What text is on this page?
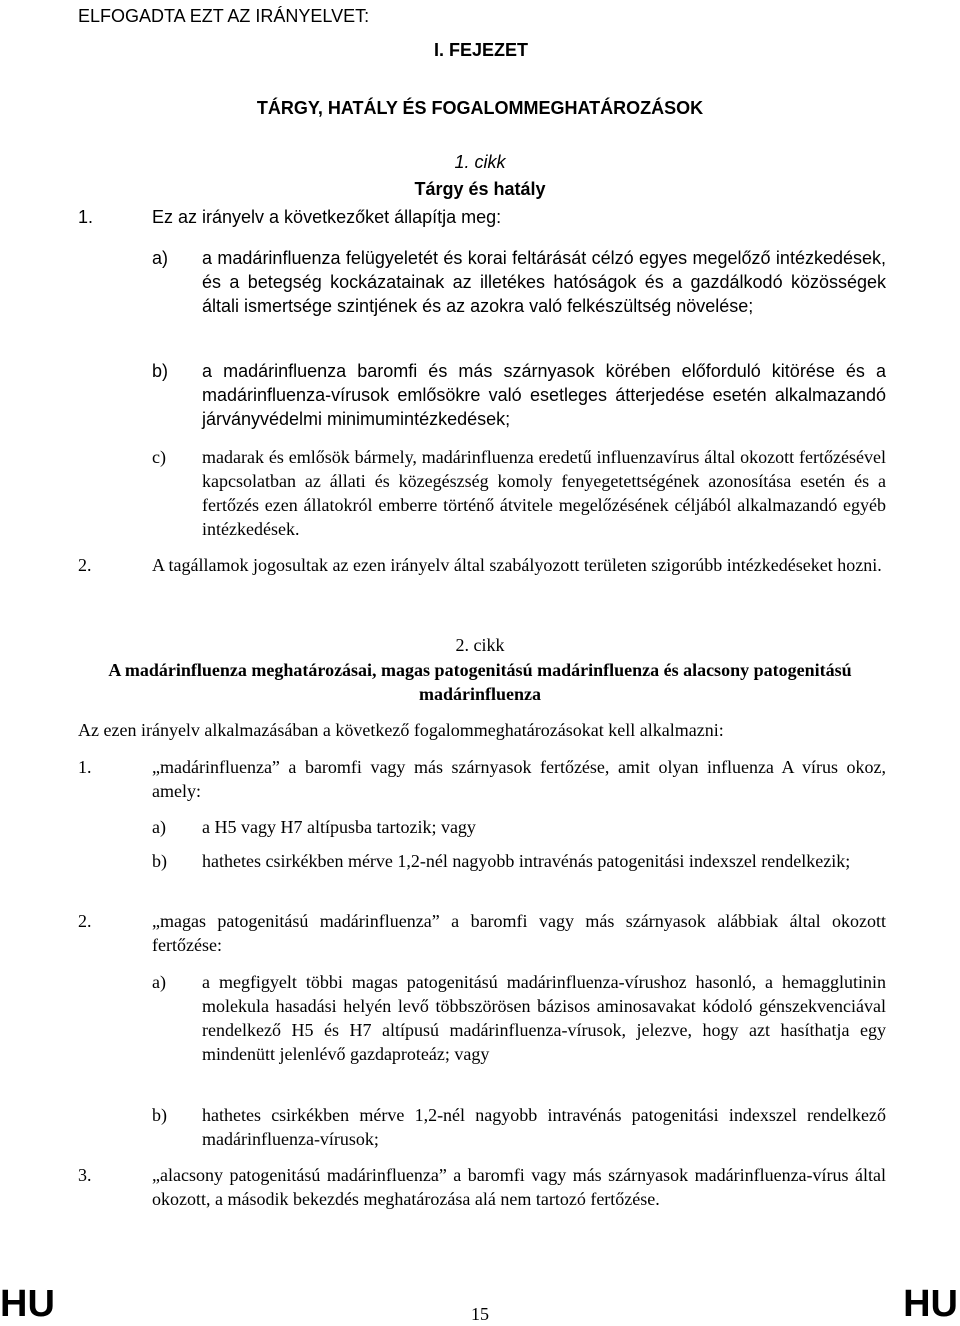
ELFOGADTA EZT AZ IRÁNYELVET:
I. FEJEZET
TÁRGY, HATÁLY ÉS FOGALOMMEGHATÁROZÁSOK
1. cikk
Tárgy és hatály
1.	Ez az irányelv a következőket állapítja meg:
a) a madárinfluenza felügyeletét és korai feltárását célzó egyes megelőző intézkedések, és a betegség kockázatainak az illetékes hatóságok és a gazdálkodó közösségek általi ismertsége szintjének és az azokra való felkészültség növelése;
b) a madárinfluenza baromfi és más szárnyasok körében előforduló kitörése és a madárinfluenza-vírusok emlősökre való esetleges átterjedése esetén alkalmazandó járványvédelmi minimumintézkedések;
c) madarak és emlősök bármely, madárinfluenza eredetű influenzavírus által okozott fertőzésével kapcsolatban az állati és közegészség komoly fenyegetettségének azonosítása esetén és a fertőzés ezen állatokról emberre történő átvitele megelőzésének céljából alkalmazandó egyéb intézkedések.
2.	A tagállamok jogosultak az ezen irányelv által szabályozott területen szigorúbb intézkedéseket hozni.
2. cikk
A madárinfluenza meghatározásai, magas patogenitású madárinfluenza és alacsony patogenitású madárinfluenza
Az ezen irányelv alkalmazásában a következő fogalommeghatározásokat kell alkalmazni:
1.	„madárinfluenza” a baromfi vagy más szárnyasok fertőzése, amit olyan influenza A vírus okoz, amely:
a) a H5 vagy H7 altípusba tartozik; vagy
b) hathetes csirkékben mérve 1,2-nél nagyobb intravénás patogenitási indexszel rendelkezik;
2.	„magas patogenitású madárinfluenza” a baromfi vagy más szárnyasok alábbiak által okozott fertőzése:
a) a megfigyelt többi magas patogenitású madárinfluenza-vírushoz hasonló, a hemagglutinin molekula hasadási helyén levő többszörösen bázisos aminosavakat kódoló génszekvenciával rendelkező H5 és H7 altípusú madárinfluenza-vírusok, jelezve, hogy azt hasíthatja egy mindenütt jelenlévő gazdaproteáz; vagy
b) hathetes csirkékben mérve 1,2-nél nagyobb intravénás patogenitási indexszel rendelkező madárinfluenza-vírusok;
3.	„alacsony patogenitású madárinfluenza” a baromfi vagy más szárnyasok madárinfluenza-vírus által okozott, a második bekezdés meghatározása alá nem tartozó fertőzése.
HU	15	HU
